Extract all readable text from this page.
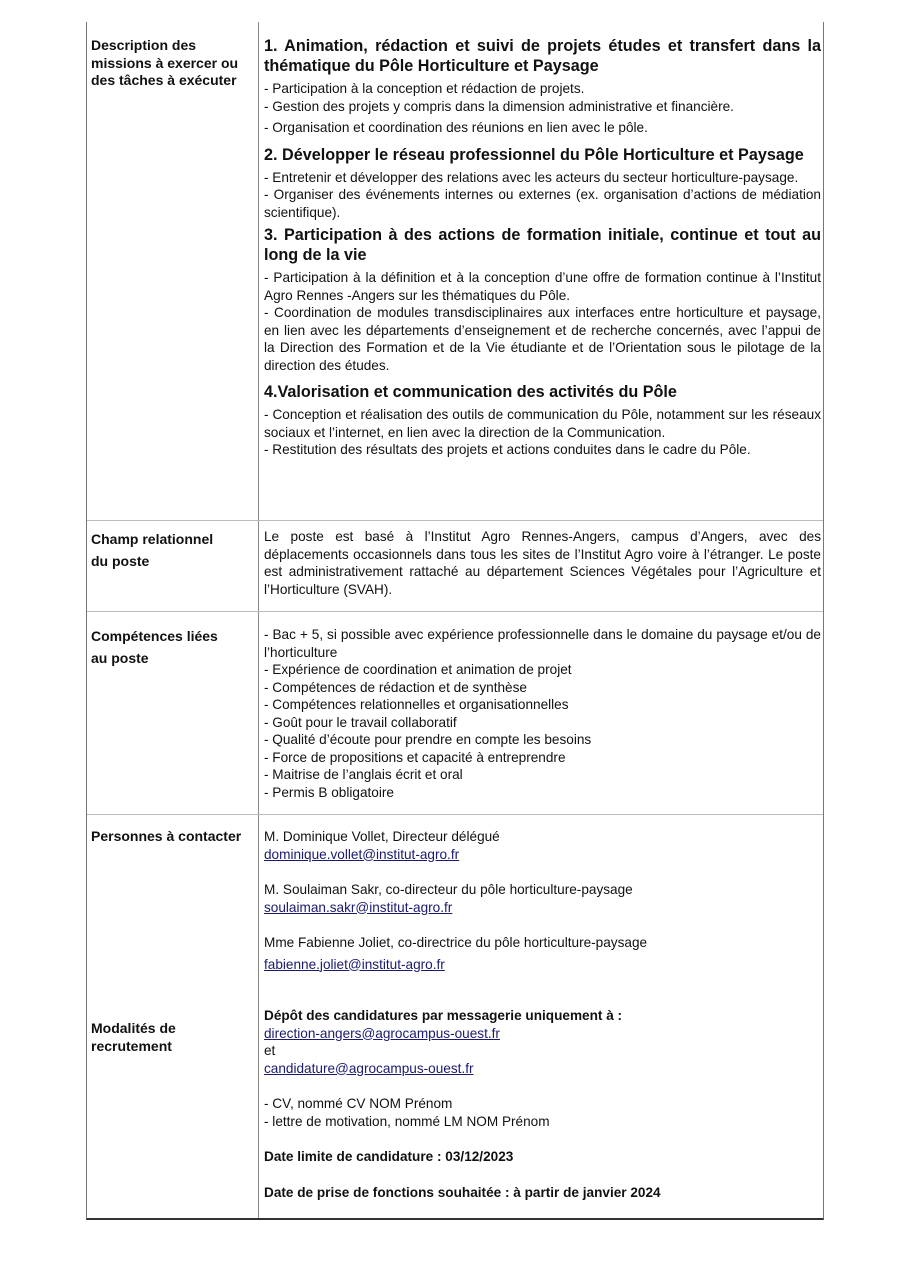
Description des missions à exercer ou des tâches à exécuter

1. Animation, rédaction et suivi de projets études et transfert dans la thématique du Pôle Horticulture et Paysage

- Participation à la conception et rédaction de projets.

- Gestion des projets y compris dans la dimension administrative et financière.

- Organisation et coordination des réunions en lien avec le pôle.

2. Développer le réseau professionnel du Pôle Horticulture et Paysage

- Entretenir et développer des relations avec les acteurs du secteur horticulture-paysage.

- Organiser des événements internes ou externes (ex. organisation d’actions de médiation scientifique).

3. Participation à des actions de formation initiale, continue et tout au long de la vie

- Participation à la définition et à la conception d’une offre de formation continue à l’Institut Agro Rennes -Angers sur les thématiques du Pôle.

- Coordination de modules transdisciplinaires aux interfaces entre horticulture et paysage, en lien avec les départements d’enseignement et de recherche concernés, avec l’appui de la Direction des Formation et de la Vie étudiante et de l’Orientation sous le pilotage de la direction des études.

4.Valorisation et communication des activités du Pôle

- Conception et réalisation des outils de communication du Pôle, notamment sur les réseaux sociaux et l’internet, en lien avec la direction de la Communication.

- Restitution des résultats des projets et actions conduites dans le cadre du Pôle.

Champ relationnel
du poste

Le poste est basé à l’Institut Agro Rennes-Angers, campus d’Angers, avec des déplacements occasionnels dans tous les sites de l’Institut Agro voire à l’étranger. Le poste est administrativement rattaché au département Sciences Végétales pour l’Agriculture et l’Horticulture (SVAH).

Compétences liées
au poste

- Bac + 5, si possible avec expérience professionnelle dans le domaine du paysage et/ou de l’horticulture

- Expérience de coordination et animation de projet

- Compétences de rédaction et de synthèse

- Compétences relationnelles et organisationnelles

- Goût pour le travail collaboratif

- Qualité d’écoute pour prendre en compte les besoins

- Force de propositions et capacité à entreprendre

- Maitrise de l’anglais écrit et oral

- Permis B obligatoire

Personnes à contacter
Modalités de recrutement

M. Dominique Vollet, Directeur délégué

dominique.vollet@institut-agro.fr

M. Soulaiman Sakr, co-directeur du pôle horticulture-paysage

soulaiman.sakr@institut-agro.fr

Mme Fabienne Joliet, co-directrice du pôle horticulture-paysage

fabienne.joliet@institut-agro.fr

Dépôt des candidatures par messagerie uniquement à :

direction-angers@agrocampus-ouest.fr

et

candidature@agrocampus-ouest.fr

- CV, nommé CV NOM Prénom

- lettre de motivation, nommé LM NOM Prénom

Date limite de candidature : 03/12/2023

Date de prise de fonctions souhaitée : à partir de janvier 2024
